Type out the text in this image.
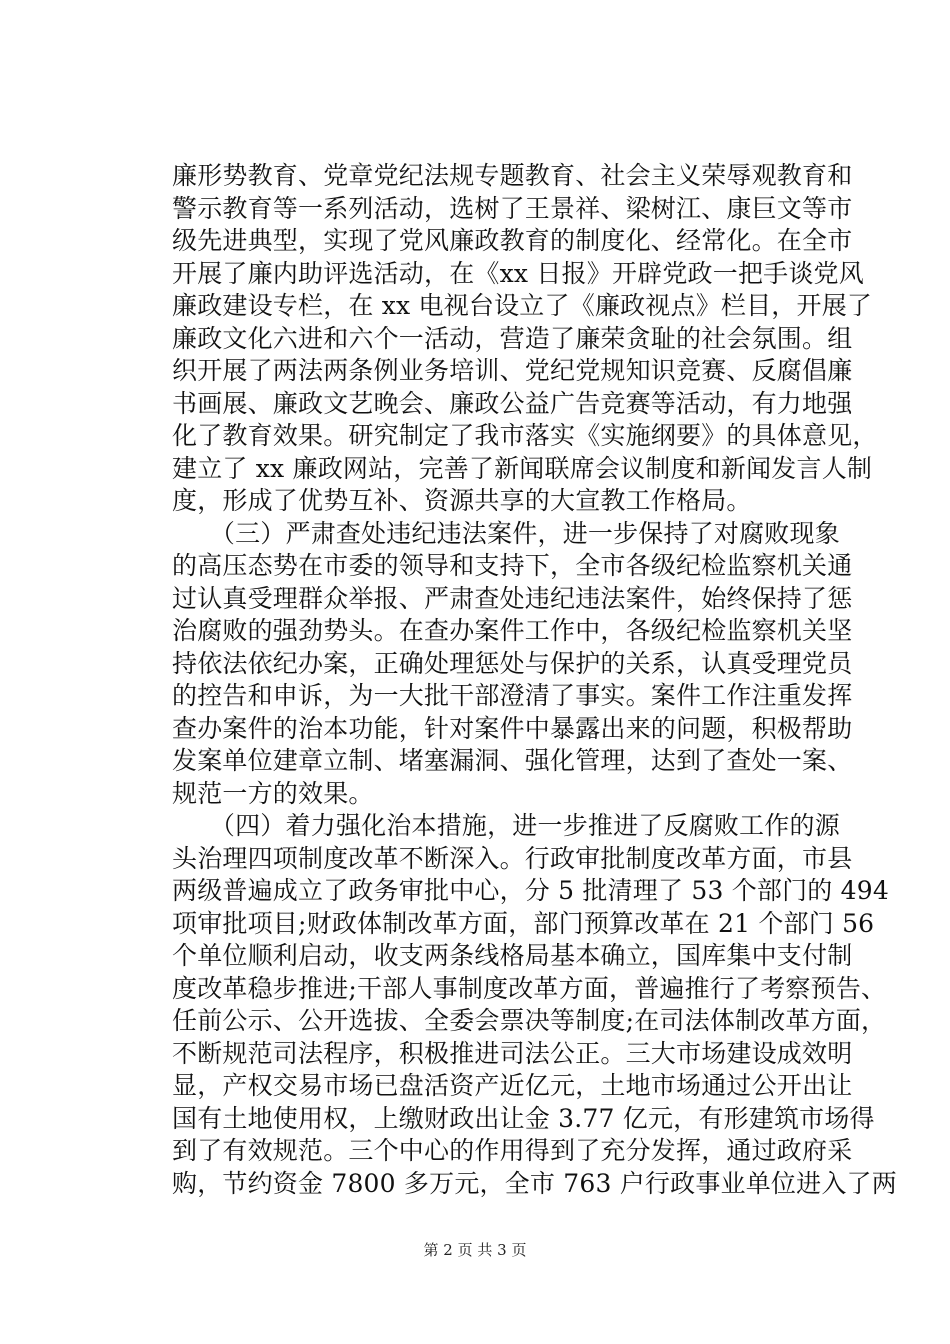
廉形势教育、党章党纪法规专题教育、社会主义荣辱观教育和
警示教育等一系列活动，选树了王景祥、梁树江、康巨文等市
级先进典型，实现了党风廉政教育的制度化、经常化。在全市
开展了廉内助评选活动，在《xx 日报》开辟党政一把手谈党风
廉政建设专栏，在 xx 电视台设立了《廉政视点》栏目，开展了
廉政文化六进和六个一活动，营造了廉荣贪耻的社会氛围。组
织开展了两法两条例业务培训、党纪党规知识竞赛、反腐倡廉
书画展、廉政文艺晚会、廉政公益广告竞赛等活动，有力地强
化了教育效果。研究制定了我市落实《实施纲要》的具体意见，
建立了 xx 廉政网站，完善了新闻联席会议制度和新闻发言人制
度，形成了优势互补、资源共享的大宣教工作格局。
　　（三）严肃查处违纪违法案件，进一步保持了对腐败现象
的高压态势在市委的领导和支持下，全市各级纪检监察机关通
过认真受理群众举报、严肃查处违纪违法案件，始终保持了惩
治腐败的强劲势头。在查办案件工作中，各级纪检监察机关坚
持依法依纪办案，正确处理惩处与保护的关系，认真受理党员
的控告和申诉，为一大批干部澄清了事实。案件工作注重发挥
查办案件的治本功能，针对案件中暴露出来的问题，积极帮助
发案单位建章立制、堵塞漏洞、强化管理，达到了查处一案、
规范一方的效果。
　　（四）着力强化治本措施，进一步推进了反腐败工作的源
头治理四项制度改革不断深入。行政审批制度改革方面，市县
两级普遍成立了政务审批中心，分 5 批清理了 53 个部门的 494
项审批项目;财政体制改革方面，部门预算改革在 21 个部门 56
个单位顺利启动，收支两条线格局基本确立，国库集中支付制
度改革稳步推进;干部人事制度改革方面，普遍推行了考察预告、
任前公示、公开选拔、全委会票决等制度;在司法体制改革方面，
不断规范司法程序，积极推进司法公正。三大市场建设成效明
显，产权交易市场已盘活资产近亿元，土地市场通过公开出让
国有土地使用权，上缴财政出让金 3.77 亿元，有形建筑市场得
到了有效规范。三个中心的作用得到了充分发挥，通过政府采
购，节约资金 7800 多万元，全市 763 户行政事业单位进入了两
第 2 页 共 3 页
